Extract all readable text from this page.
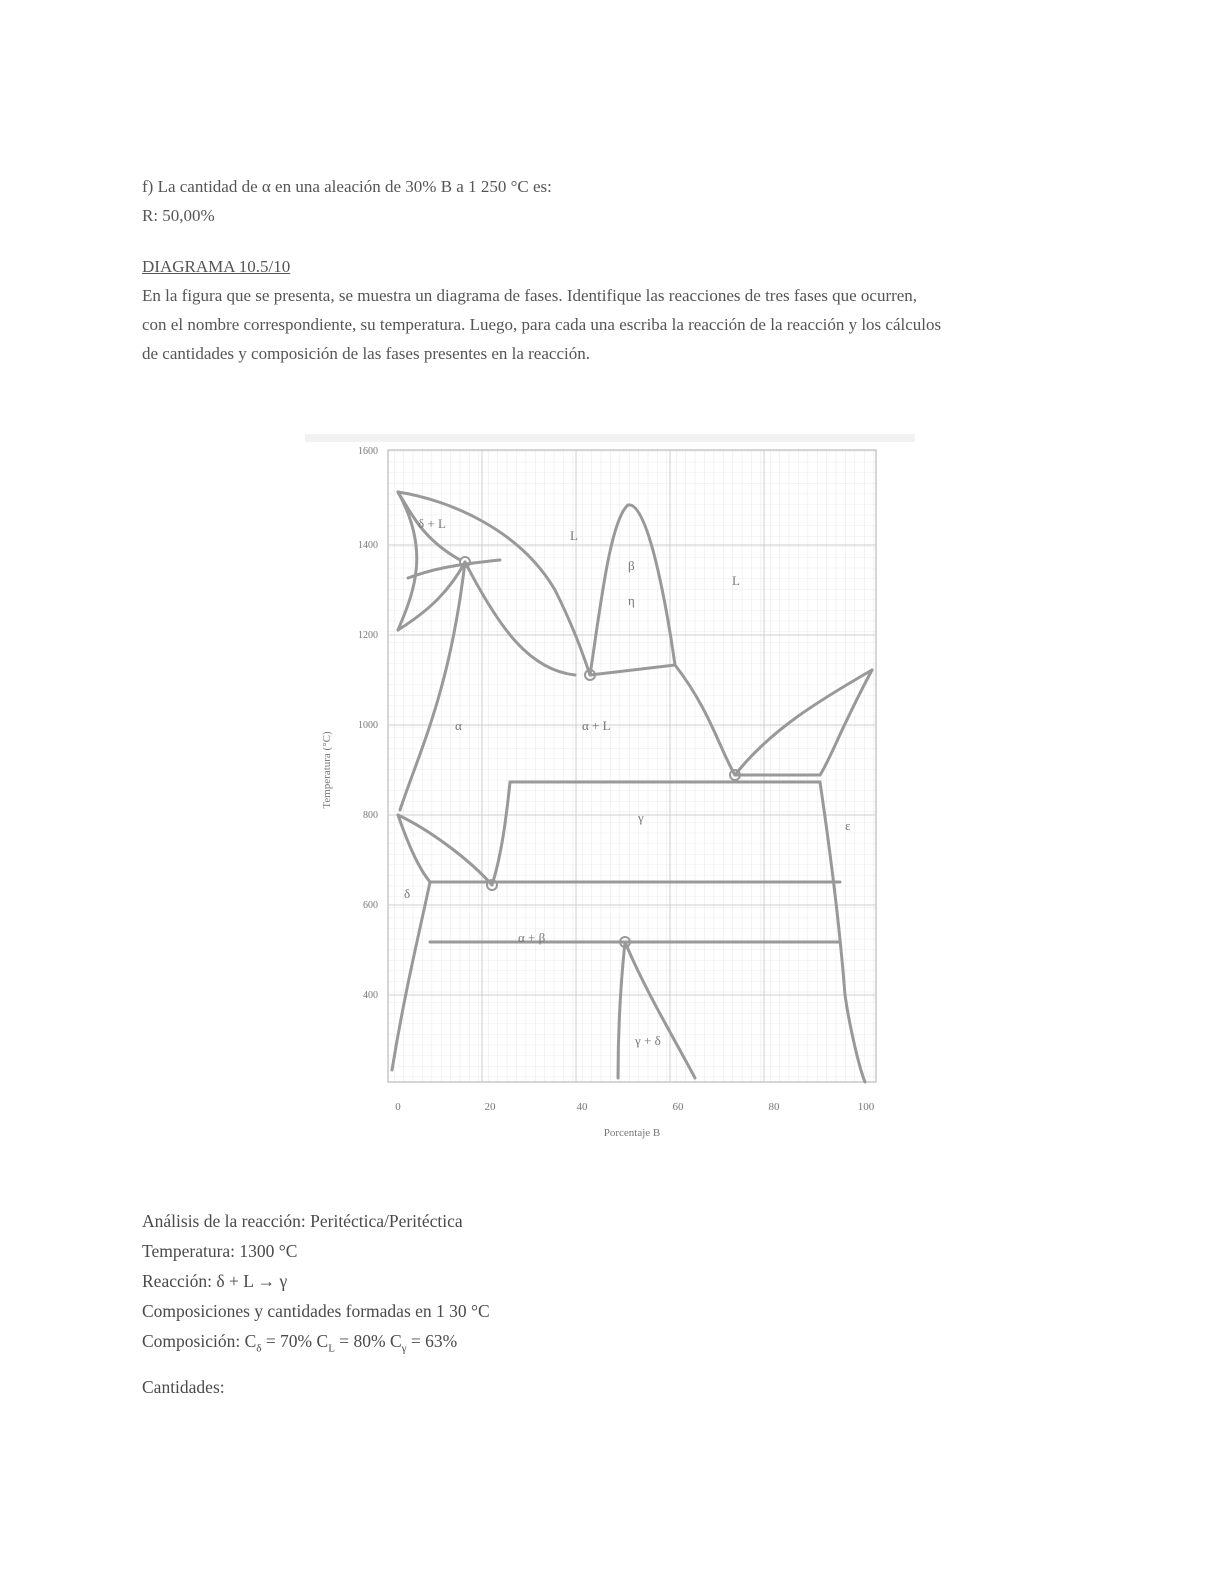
f) La cantidad de α en una aleación de 30% B a 1 250 °C es:
R: 50,00%
DIAGRAMA 10.5/10
En la figura que se presenta, se muestra un diagrama de fases. Identifique las reacciones de tres fases que ocurren, con el nombre correspondiente, su temperatura. Luego, para cada una escriba la reacción de la reacción y los cálculos de cantidades y composición de las fases presentes en la reacción.
1600
1400
1200
1000
800
600
400
0	20	40	60	80	100
Temperatura (°C)
Porcentaje B
δ + L
L
L
β
η
α	α + L
γ
ε
δ
α + β
γ + δ
Análisis de la reacción: Peritéctica/Peritéctica
Temperatura: 1300 °C
Reacción: δ + L → γ
Composiciones y cantidades formadas en 1 30 °C
Composición: $C_\delta = 70\%$ $C_L = 80\%$ $C_\gamma = 63\%$
Cantidades:
